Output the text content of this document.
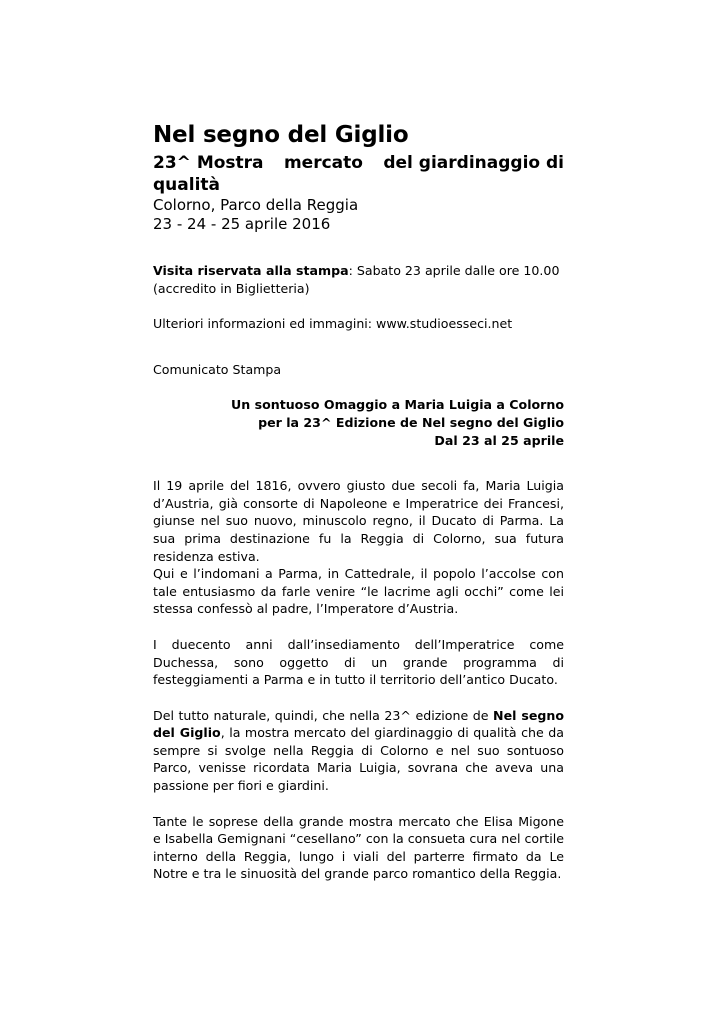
Nel segno del Giglio
23^ Mostra mercato del giardinaggio di

qualità

Colorno, Parco della Reggia

23 - 24 - 25 aprile 2016

Visita riservata alla stampa: Sabato 23 aprile dalle ore 10.00

(accredito in Biglietteria)

Ulteriori informazioni ed immagini: www.studioesseci.net

Comunicato Stampa

Un sontuoso Omaggio a Maria Luigia a Colorno

per la 23^ Edizione de Nel segno del Giglio

Dal 23 al 25 aprile

Il 19 aprile del 1816, ovvero giusto due secoli fa, Maria Luigia d’Austria, già consorte di Napoleone e Imperatrice dei Francesi, giunse nel suo nuovo, minuscolo regno, il Ducato di Parma. La sua prima destinazione fu la Reggia di Colorno, sua futura residenza estiva.

Qui e l’indomani a Parma, in Cattedrale, il popolo l’accolse con tale entusiasmo da farle venire “le lacrime agli occhi” come lei stessa confessò al padre, l’Imperatore d’Austria.

I duecento anni dall’insediamento dell’Imperatrice come Duchessa, sono oggetto di un grande programma di festeggiamenti a Parma e in tutto il territorio dell’antico Ducato.

Del tutto naturale, quindi, che nella 23^ edizione de Nel segno del Giglio, la mostra mercato del giardinaggio di qualità che da sempre si svolge nella Reggia di Colorno e nel suo sontuoso Parco, venisse ricordata Maria Luigia, sovrana che aveva una passione per fiori e giardini.

Tante le soprese della grande mostra mercato che Elisa Migone e Isabella Gemignani “cesellano” con la consueta cura nel cortile interno della Reggia, lungo i viali del parterre firmato da Le Notre e tra le sinuosità del grande parco romantico della Reggia.
